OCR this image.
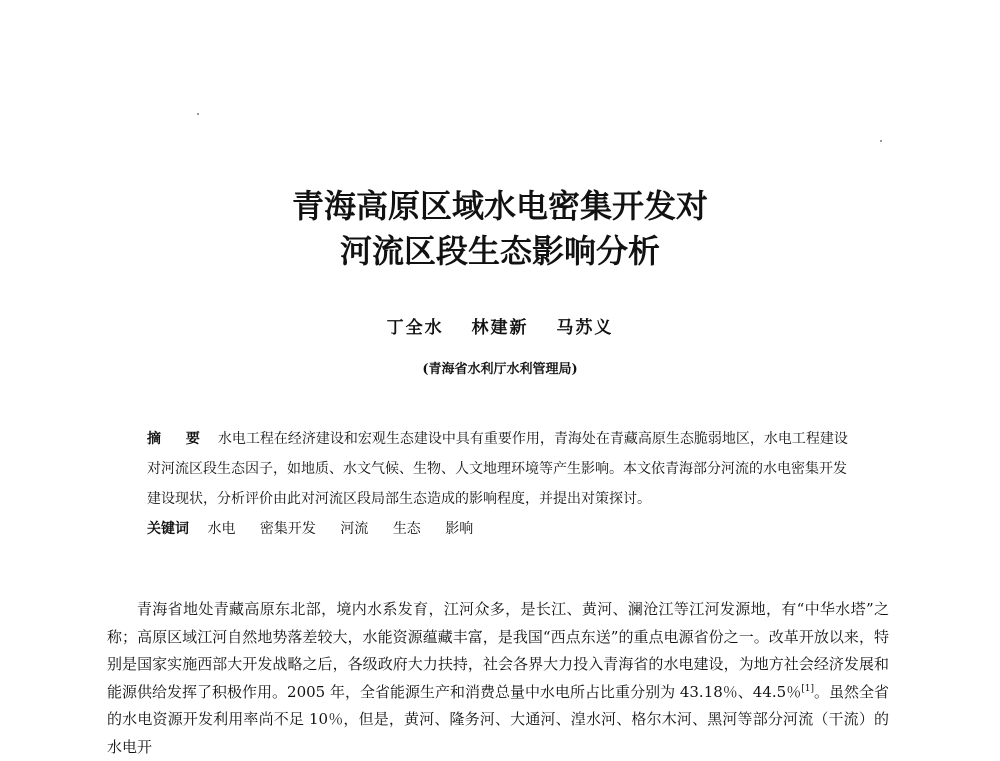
青海高原区域水电密集开发对
河流区段生态影响分析
丁全水 林建新 马苏义
(青海省水利厅水利管理局)
摘 要 水电工程在经济建设和宏观生态建设中具有重要作用，青海处在青藏高原生态脆弱地区，水电工程建设对河流区段生态因子，如地质、水文气候、生物、人文地理环境等产生影响。本文依青海部分河流的水电密集开发建设现状，分析评价由此对河流区段局部生态造成的影响程度，并提出对策探讨。
关键词 水电 密集开发 河流 生态 影响

青海省地处青藏高原东北部，境内水系发育，江河众多，是长江、黄河、澜沧江等江河发源地，有“中华水塔”之称；高原区域江河自然地势落差较大，水能资源蕴藏丰富，是我国“西点东送”的重点电源省份之一。改革开放以来，特别是国家实施西部大开发战略之后，各级政府大力扶持，社会各界大力投入青海省的水电建设，为地方社会经济发展和能源供给发挥了积极作用。2005 年，全省能源生产和消费总量中水电所占比重分别为 43.18％、44.5％[1]。虽然全省的水电资源开发利用率尚不足 10％，但是，黄河、隆务河、大通河、湟水河、格尔木河、黑河等部分河流（干流）的水电开
